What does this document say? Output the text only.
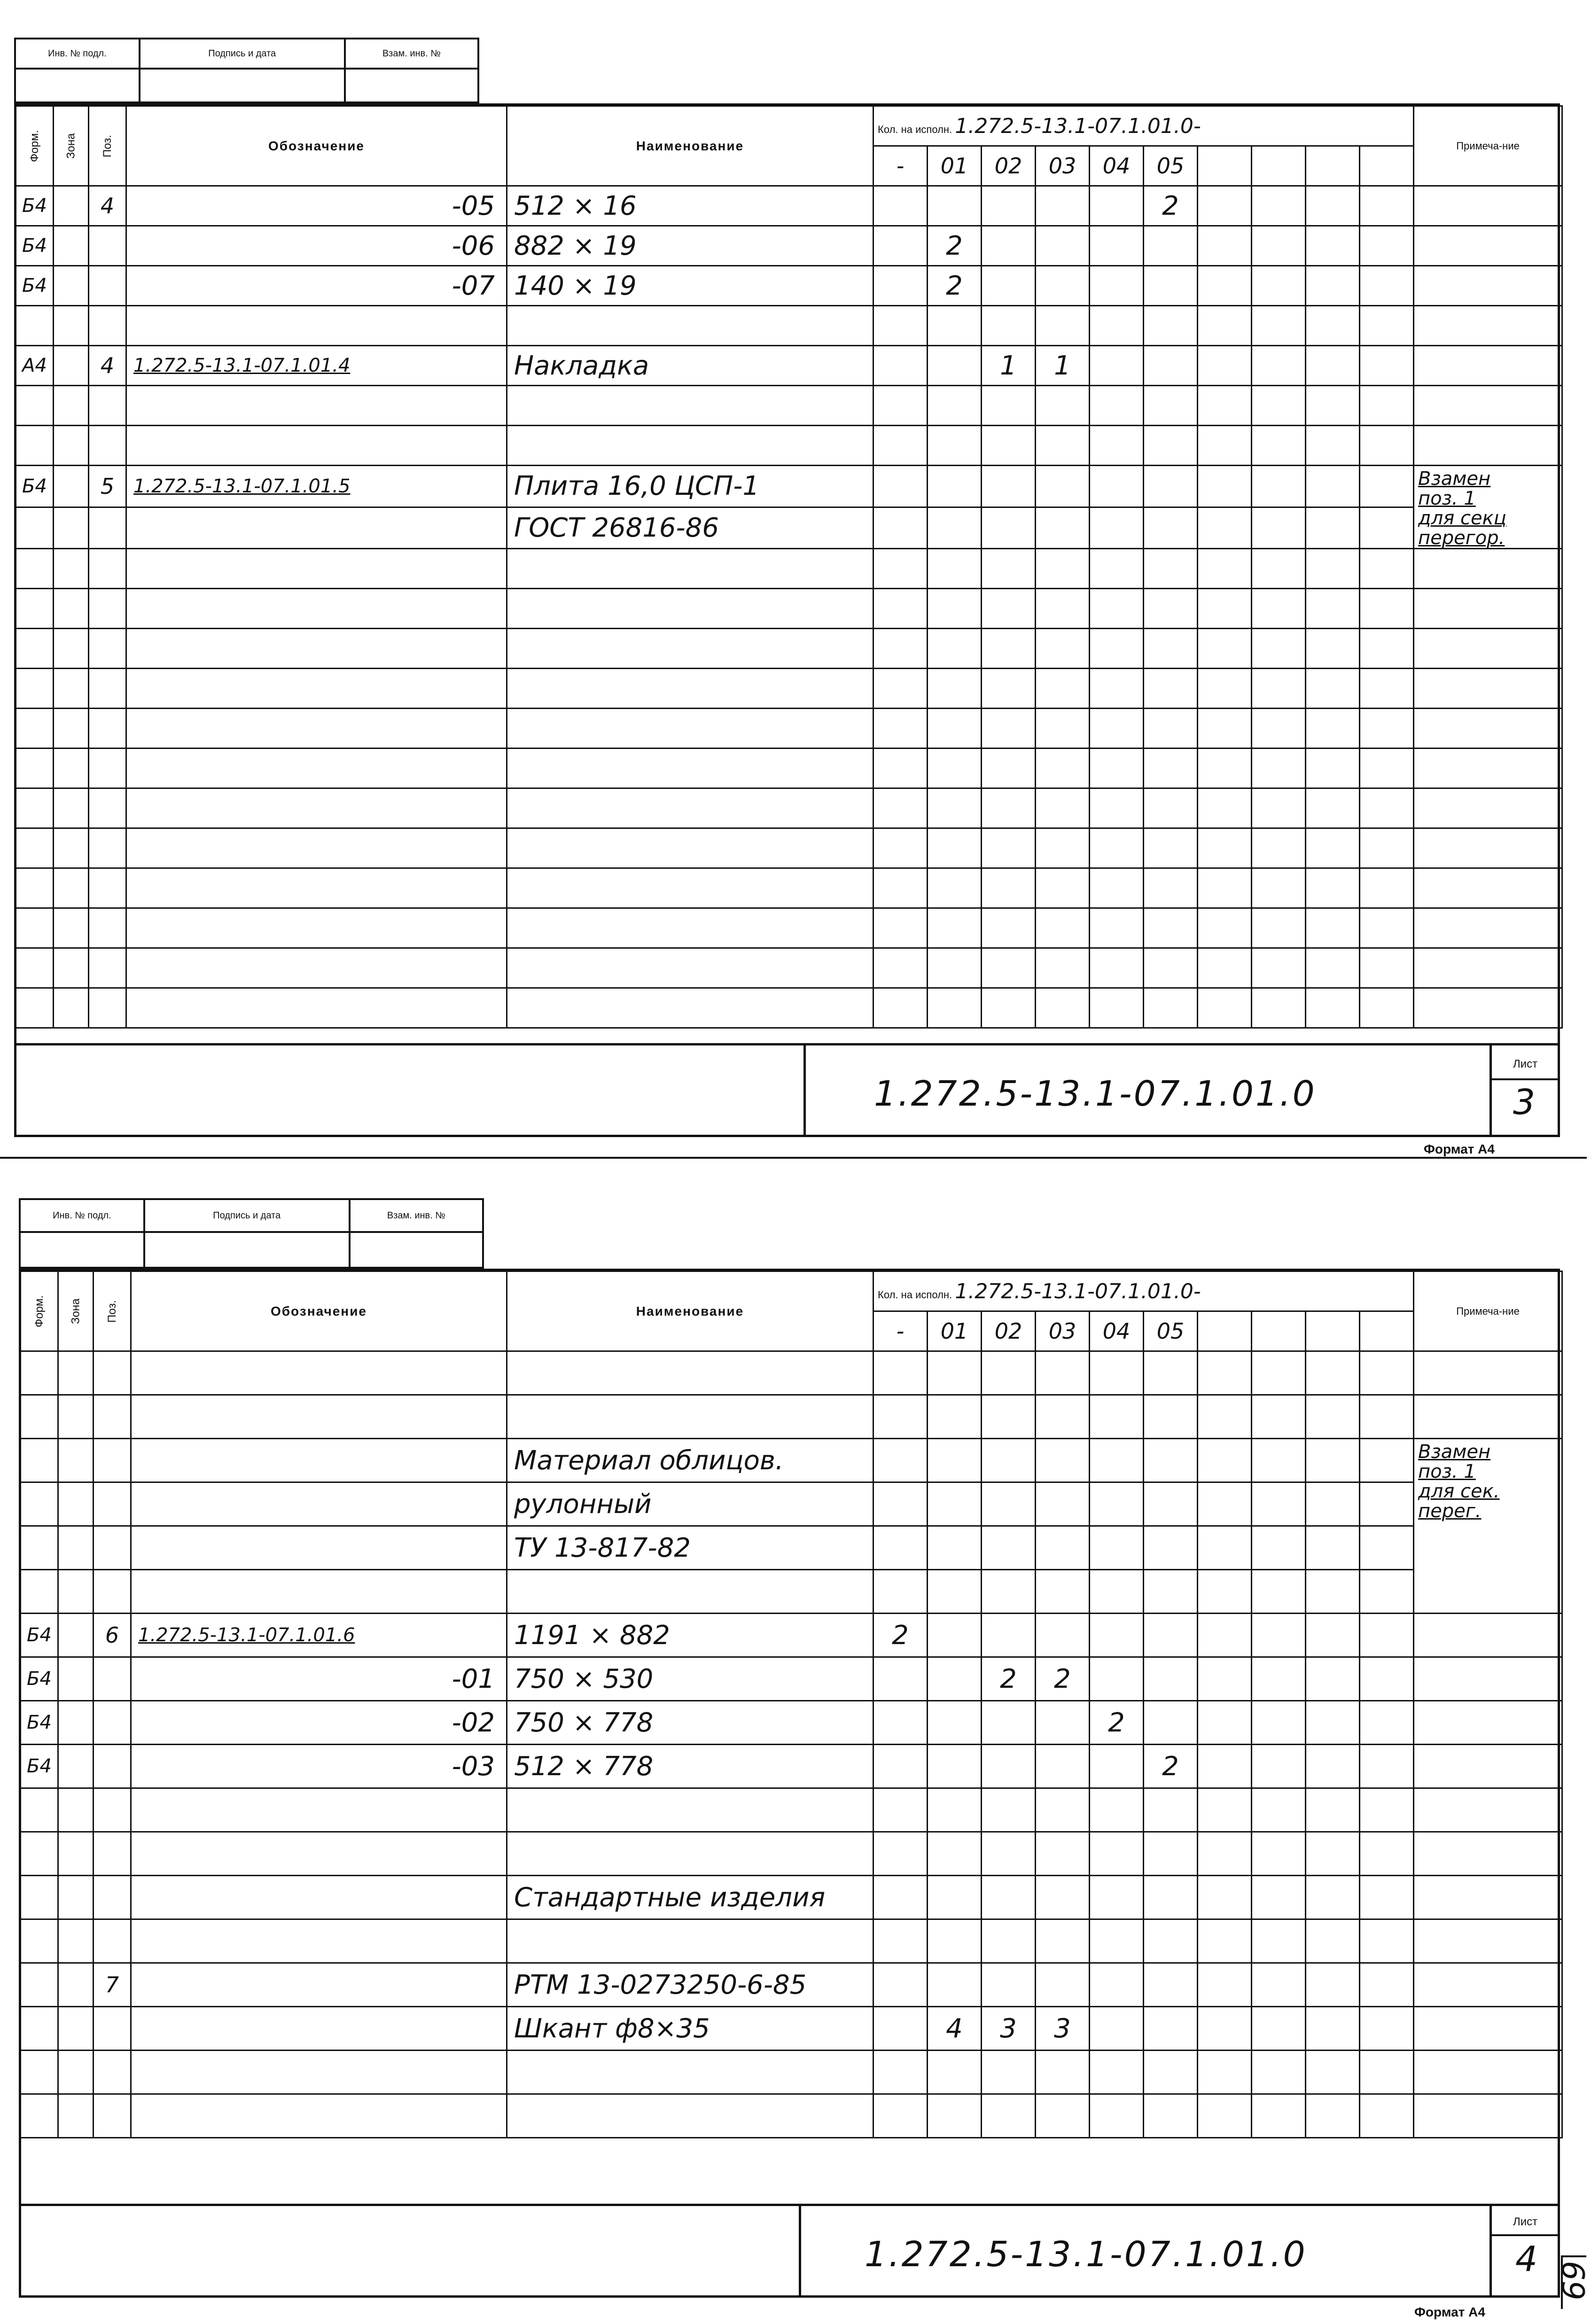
Инв. № подл.	Подпись и дата	Взам. инв. №
Форм.	Зона	Поз.	Обозначение	Наименование	Кол. на исполн. 1.272.5-13.1-07.1.01.0-										Примеча-ние
					-	01	02	03	04	05					
Б4		4	-05	512 × 16						2					
Б4			-06	882 × 19		2									
Б4			-07	140 × 19		2									

А4		4	1.272.5-13.1-07.1.01.4	Накладка			1	1							

Б4		5	1.272.5-13.1-07.1.01.5	Плита 16,0 ЦСП-1											Взамен
поз. 1
для секц
перегор.

				ГОСТ 26816-86											

1.272.5-13.1-07.1.01.0
Лист
3
Формат А4
Инв. № подл.	Подпись и дата	Взам. инв. №
Форм.	Зона	Поз.	Обозначение	Наименование	Кол. на исполн. 1.272.5-13.1-07.1.01.0-										Примеча-ние
					-	01	02	03	04	05					

				Материал облицов.											Взамен
поз. 1
для сек.
перег.

				рулонный											
				ТУ 13-817-82											

Б4		6	1.272.5-13.1-07.1.01.6	1191 × 882	2										
Б4			-01	750 × 530			2	2							
Б4			-02	750 × 778					2						
Б4			-03	512 × 778						2					

				Стандартные изделия											

		7		РТМ 13-0273250-6-85											
				Шкант ф8×35		4	3	3							

1.272.5-13.1-07.1.01.0
Лист
4
Формат А4
69
